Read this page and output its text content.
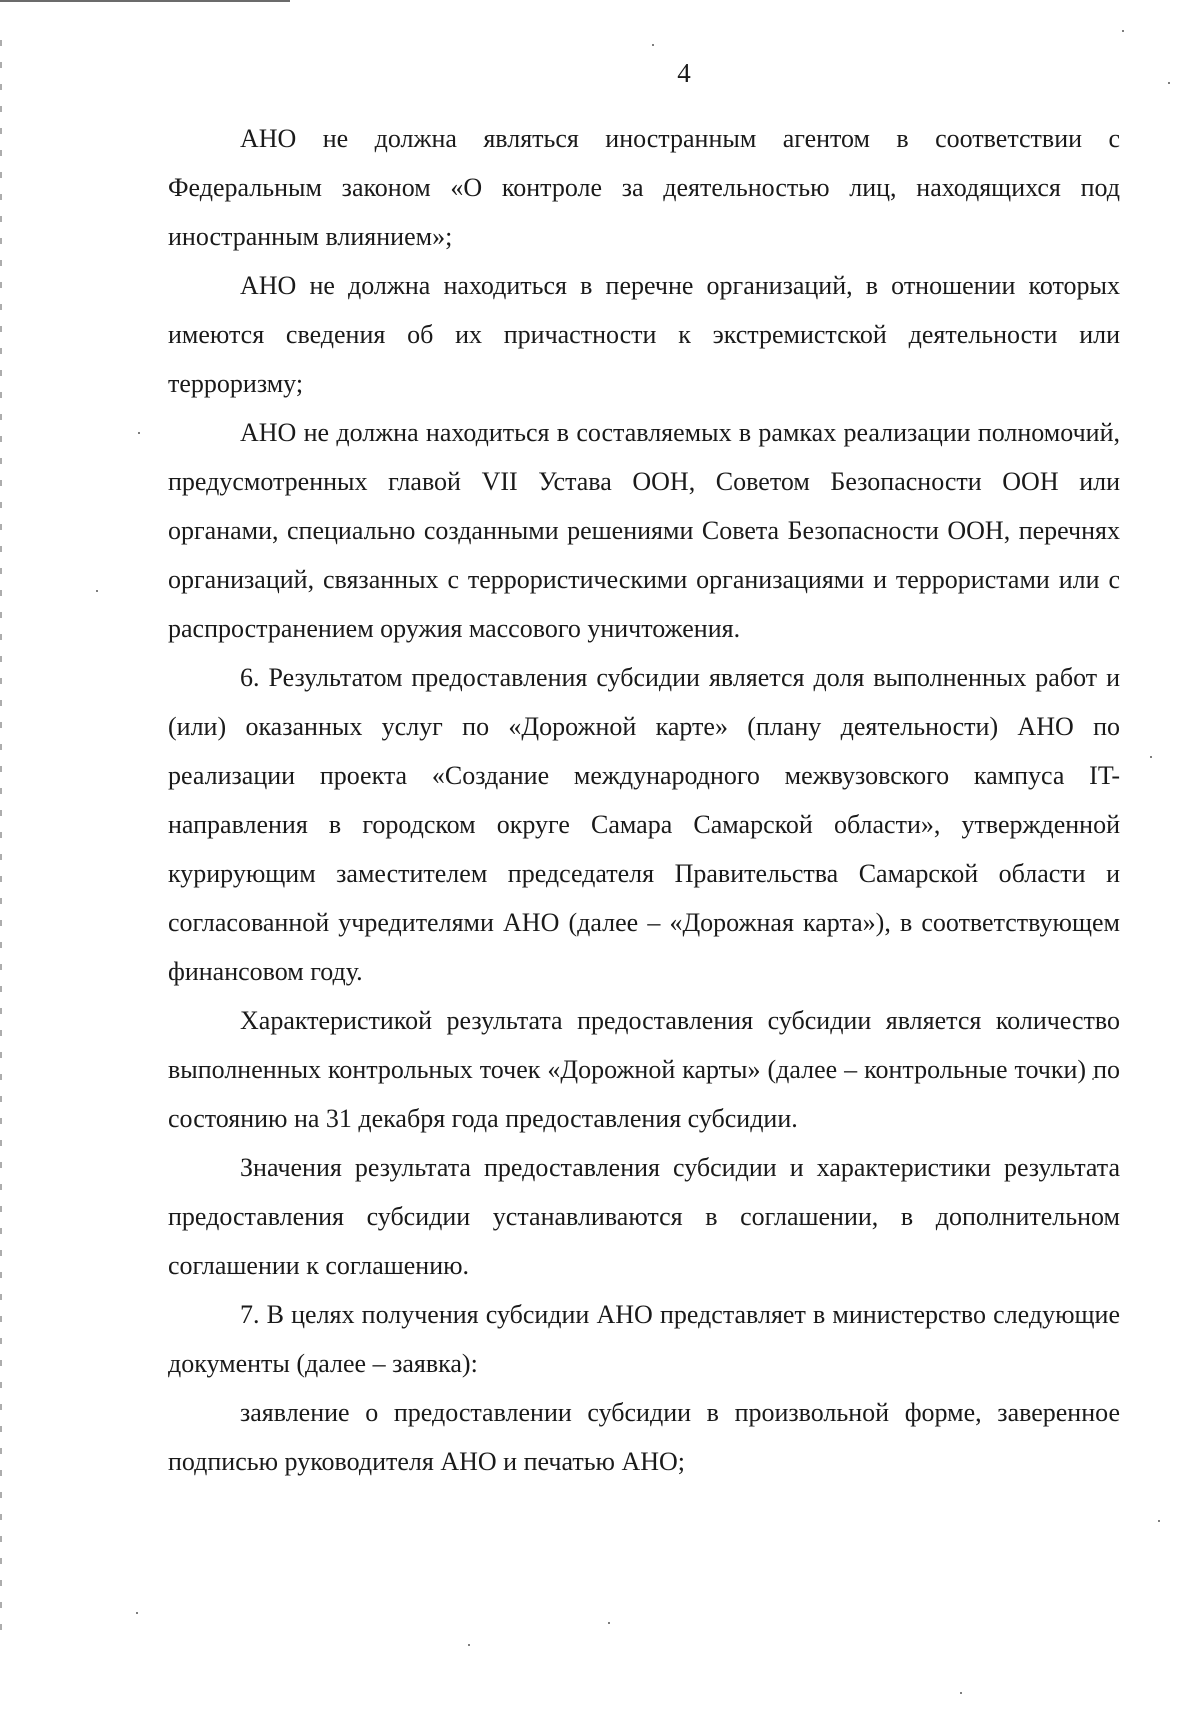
4

АНО не должна являться иностранным агентом в соответствии с Федеральным законом «О контроле за деятельностью лиц, находящихся под иностранным влиянием»;

АНО не должна находиться в перечне организаций, в отношении которых имеются сведения об их причастности к экстремистской деятельности или терроризму;

АНО не должна находиться в составляемых в рамках реализации полномочий, предусмотренных главой VII Устава ООН, Советом Безопасности ООН или органами, специально созданными решениями Совета Безопасности ООН, перечнях организаций, связанных с террористическими организациями и террористами или с распространением оружия массового уничтожения.

6. Результатом предоставления субсидии является доля выполненных работ и (или) оказанных услуг по «Дорожной карте» (плану деятельности) АНО по реализации проекта «Создание международного межвузовского кампуса IT-направления в городском округе Самара Самарской области», утвержденной курирующим заместителем председателя Правительства Самарской области и согласованной учредителями АНО (далее – «Дорожная карта»), в соответствующем финансовом году.

Характеристикой результата предоставления субсидии является количество выполненных контрольных точек «Дорожной карты» (далее – контрольные точки) по состоянию на 31 декабря года предоставления субсидии.

Значения результата предоставления субсидии и характеристики результата предоставления субсидии устанавливаются в соглашении, в дополнительном соглашении к соглашению.

7. В целях получения субсидии АНО представляет в министерство следующие документы (далее – заявка):

заявление о предоставлении субсидии в произвольной форме, заверенное подписью руководителя АНО и печатью АНО;
